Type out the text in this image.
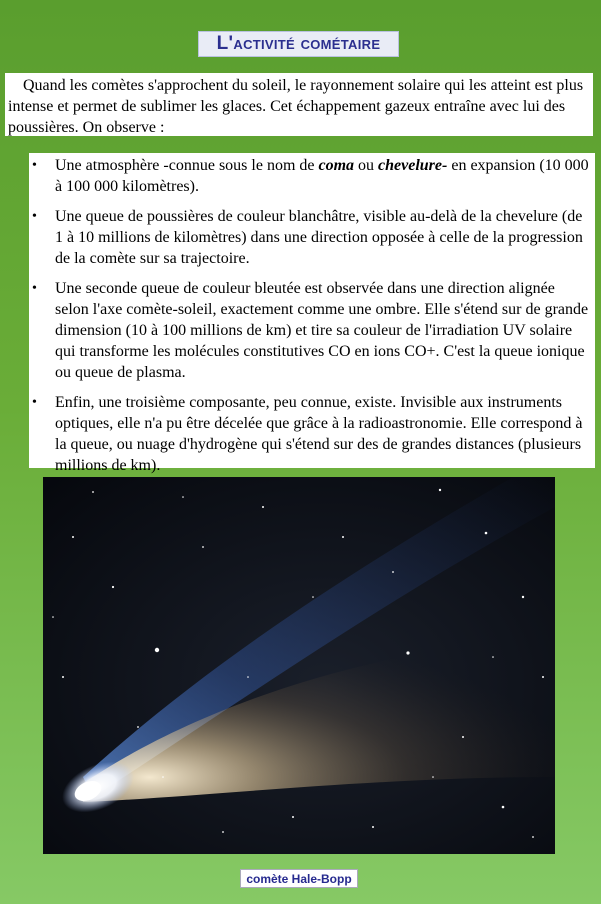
L'activité cométaire

Quand les comètes s'approchent du soleil, le rayonnement solaire qui les atteint est plus intense et permet de sublimer les glaces. Cet échappement gazeux entraîne avec lui des poussières. On observe :

• Une atmosphère -connue sous le nom de coma ou chevelure- en expansion (10 000 à 100 000 kilomètres).
• Une queue de poussières de couleur blanchâtre, visible au-delà de la chevelure (de 1 à 10 millions de kilomètres) dans une direction opposée à celle de la progression de la comète sur sa trajectoire.
• Une seconde queue de couleur bleutée est observée dans une direction alignée selon l'axe comète-soleil, exactement comme une ombre. Elle s'étend sur de grande dimension (10 à 100 millions de km) et tire sa couleur de l'irradiation UV solaire qui transforme les molécules constitutives CO en ions CO+. C'est la queue ionique ou queue de plasma.
• Enfin, une troisième composante, peu connue, existe. Invisible aux instruments optiques, elle n'a pu être décelée que grâce à la radioastronomie. Elle correspond à la queue, ou nuage d'hydrogène qui s'étend sur des de grandes distances (plusieurs millions de km).
comète Hale-Bopp
